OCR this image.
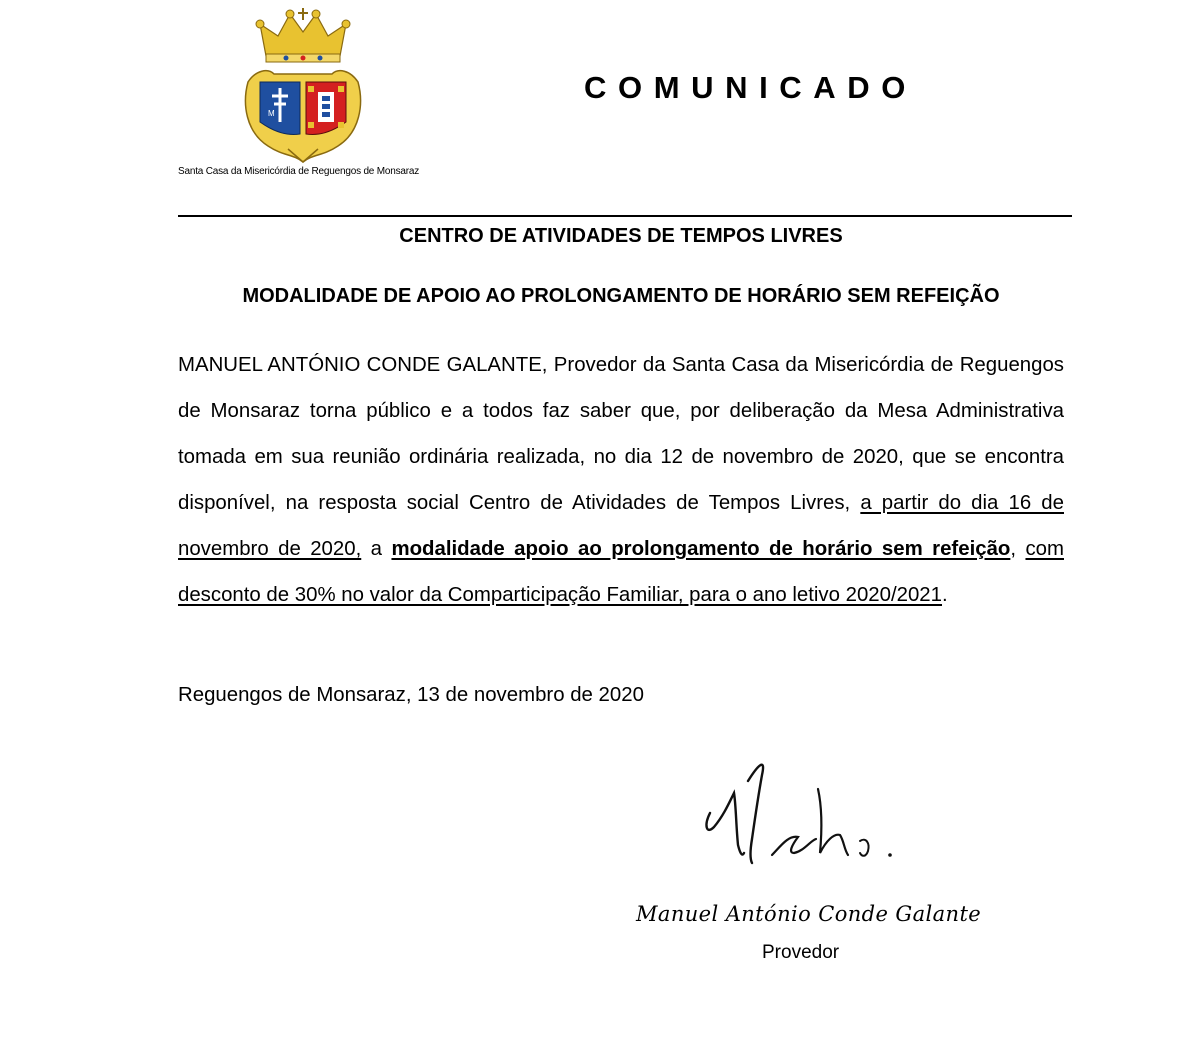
M
Santa Casa da Misericórdia de Reguengos de Monsaraz
COMUNICADO
CENTRO DE ATIVIDADES DE TEMPOS LIVRES
MODALIDADE DE APOIO AO PROLONGAMENTO DE HORÁRIO SEM REFEIÇÃO
MANUEL ANTÓNIO CONDE GALANTE, Provedor da Santa Casa da Misericórdia de Reguengos de Monsaraz torna público e a todos faz saber que, por deliberação da Mesa Administrativa tomada em sua reunião ordinária realizada, no dia 12 de novembro de 2020, que se encontra disponível, na resposta social Centro de Atividades de Tempos Livres, a partir do dia 16 de novembro de 2020, a modalidade apoio ao prolongamento de horário sem refeição, com desconto de 30% no valor da Comparticipação Familiar, para o ano letivo 2020/2021.
Reguengos de Monsaraz, 13 de novembro de 2020
Manuel António Conde Galante
Provedor
